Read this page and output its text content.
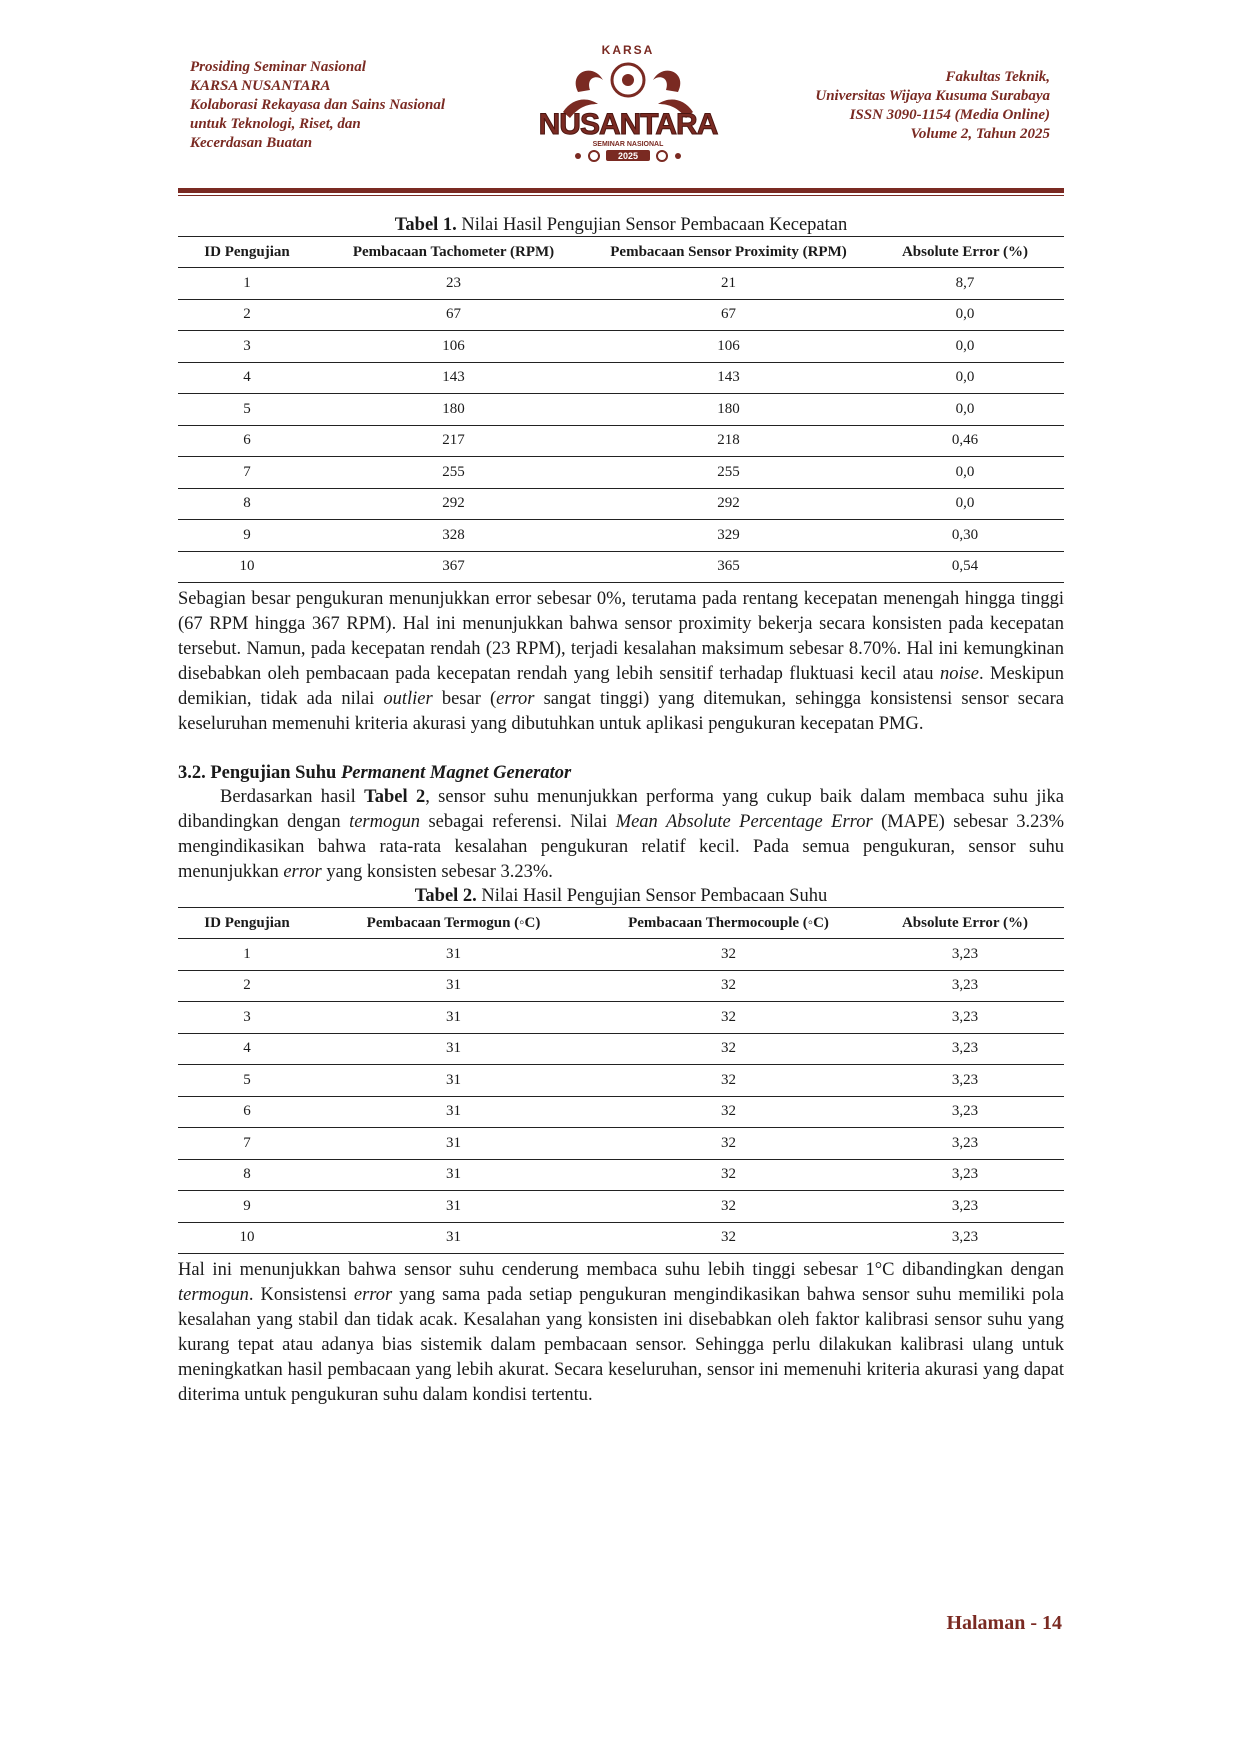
Prosiding Seminar Nasional
KARSA NUSANTARA
Kolaborasi Rekayasa dan Sains Nasional
untuk Teknologi, Riset, dan
Kecerdasan Buatan
KARSA
NUSANTARA
SEMINAR NASIONAL
2025
Fakultas Teknik,
Universitas Wijaya Kusuma Surabaya
ISSN 3090-1154 (Media Online)
Volume 2, Tahun 2025

Tabel 1. Nilai Hasil Pengujian Sensor Pembacaan Kecepatan

ID Pengujian	Pembacaan Tachometer (RPM)	Pembacaan Sensor Proximity (RPM)	Absolute Error (%)
1	23	21	8,7
2	67	67	0,0
3	106	106	0,0
4	143	143	0,0
5	180	180	0,0
6	217	218	0,46
7	255	255	0,0
8	292	292	0,0
9	328	329	0,30
10	367	365	0,54

Sebagian besar pengukuran menunjukkan error sebesar 0%, terutama pada rentang kecepatan menengah hingga tinggi (67 RPM hingga 367 RPM). Hal ini menunjukkan bahwa sensor proximity bekerja secara konsisten pada kecepatan tersebut. Namun, pada kecepatan rendah (23 RPM), terjadi kesalahan maksimum sebesar 8.70%. Hal ini kemungkinan disebabkan oleh pembacaan pada kecepatan rendah yang lebih sensitif terhadap fluktuasi kecil atau noise. Meskipun demikian, tidak ada nilai outlier besar (error sangat tinggi) yang ditemukan, sehingga konsistensi sensor secara keseluruhan memenuhi kriteria akurasi yang dibutuhkan untuk aplikasi pengukuran kecepatan PMG.

3.2. Pengujian Suhu Permanent Magnet Generator

Berdasarkan hasil Tabel 2, sensor suhu menunjukkan performa yang cukup baik dalam membaca suhu jika dibandingkan dengan termogun sebagai referensi. Nilai Mean Absolute Percentage Error (MAPE) sebesar 3.23% mengindikasikan bahwa rata-rata kesalahan pengukuran relatif kecil. Pada semua pengukuran, sensor suhu menunjukkan error yang konsisten sebesar 3.23%.

Tabel 2. Nilai Hasil Pengujian Sensor Pembacaan Suhu

ID Pengujian	Pembacaan Termogun (◦C)	Pembacaan Thermocouple (◦C)	Absolute Error (%)
1	31	32	3,23
2	31	32	3,23
3	31	32	3,23
4	31	32	3,23
5	31	32	3,23
6	31	32	3,23
7	31	32	3,23
8	31	32	3,23
9	31	32	3,23
10	31	32	3,23

Hal ini menunjukkan bahwa sensor suhu cenderung membaca suhu lebih tinggi sebesar 1°C dibandingkan dengan termogun. Konsistensi error yang sama pada setiap pengukuran mengindikasikan bahwa sensor suhu memiliki pola kesalahan yang stabil dan tidak acak. Kesalahan yang konsisten ini disebabkan oleh faktor kalibrasi sensor suhu yang kurang tepat atau adanya bias sistemik dalam pembacaan sensor. Sehingga perlu dilakukan kalibrasi ulang untuk meningkatkan hasil pembacaan yang lebih akurat. Secara keseluruhan, sensor ini memenuhi kriteria akurasi yang dapat diterima untuk pengukuran suhu dalam kondisi tertentu.

Halaman - 14
